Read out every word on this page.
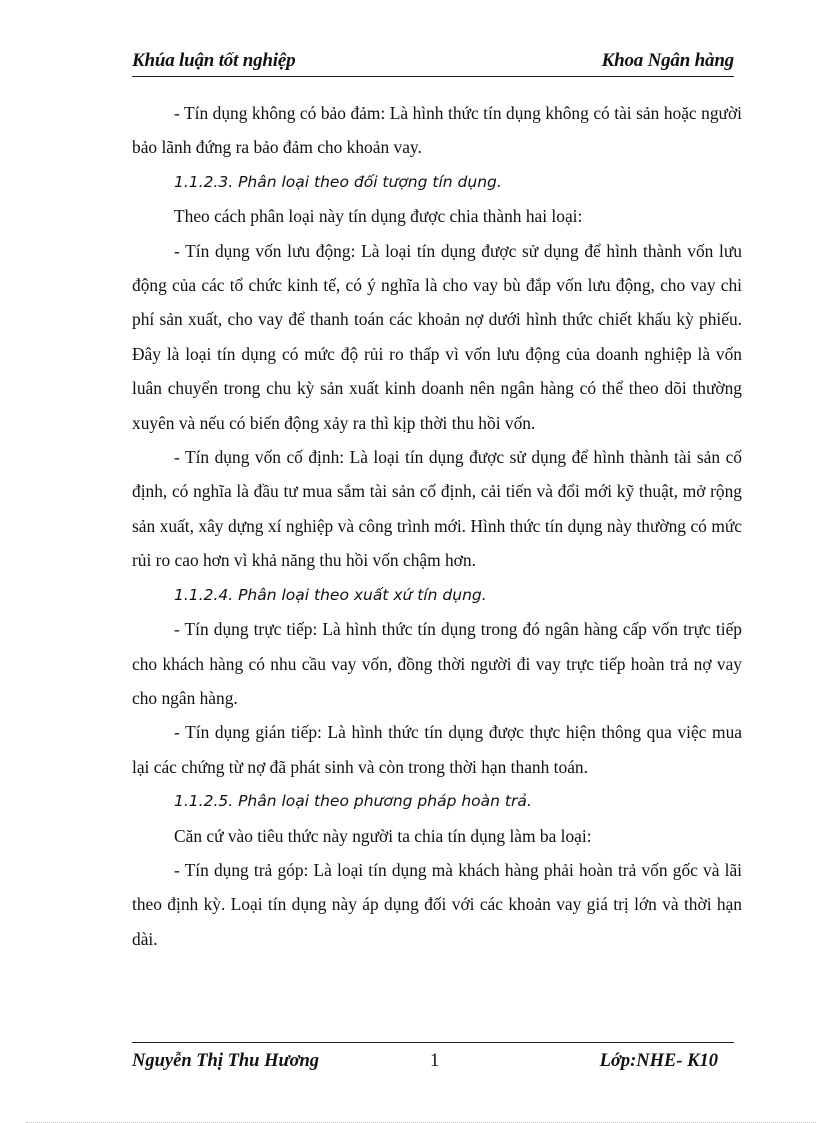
Khúa luận tốt nghiệp	Khoa Ngân hàng

- Tín dụng không có bảo đảm: Là hình thức tín dụng không có tài sản hoặc người bảo lãnh đứng ra bảo đảm cho khoản vay.

1.1.2.3. Phân loại theo đối tượng tín dụng.

Theo cách phân loại này tín dụng được chia thành hai loại:

- Tín dụng vốn lưu động: Là loại tín dụng được sử dụng để hình thành vốn lưu động của các tổ chức kinh tế, có ý nghĩa là cho vay bù đắp vốn lưu động, cho vay chi phí sản xuất, cho vay để thanh toán các khoản nợ dưới hình thức chiết khấu kỳ phiếu. Đây là loại tín dụng có mức độ rủi ro thấp vì vốn lưu động của doanh nghiệp là vốn luân chuyển trong chu kỳ sản xuất kinh doanh nên ngân hàng có thể theo dõi thường xuyên và nếu có biến động xảy ra thì kịp thời thu hồi vốn.

- Tín dụng vốn cố định: Là loại tín dụng được sử dụng để hình thành tài sản cố định, có nghĩa là đầu tư mua sắm tài sản cố định, cải tiến và đổi mới kỹ thuật, mở rộng sản xuất, xây dựng xí nghiệp và công trình mới. Hình thức tín dụng này thường có mức rủi ro cao hơn vì khả năng thu hồi vốn chậm hơn.

1.1.2.4. Phân loại theo xuất xứ tín dụng.

- Tín dụng trực tiếp: Là hình thức tín dụng trong đó ngân hàng cấp vốn trực tiếp cho khách hàng có nhu cầu vay vốn, đồng thời người đi vay trực tiếp hoàn trả nợ vay cho ngân hàng.

- Tín dụng gián tiếp: Là hình thức tín dụng được thực hiện thông qua việc mua lại các chứng từ nợ đã phát sinh và còn trong thời hạn thanh toán.

1.1.2.5. Phân loại theo phương pháp hoàn trả.

Căn cứ vào tiêu thức này người ta chia tín dụng làm ba loại:

- Tín dụng trả góp: Là loại tín dụng mà khách hàng phải hoàn trả vốn gốc và lãi theo định kỳ. Loại tín dụng này áp dụng đối với các khoản vay giá trị lớn và thời hạn dài.

Nguyễn Thị Thu Hương	1	Lớp:NHE- K10
